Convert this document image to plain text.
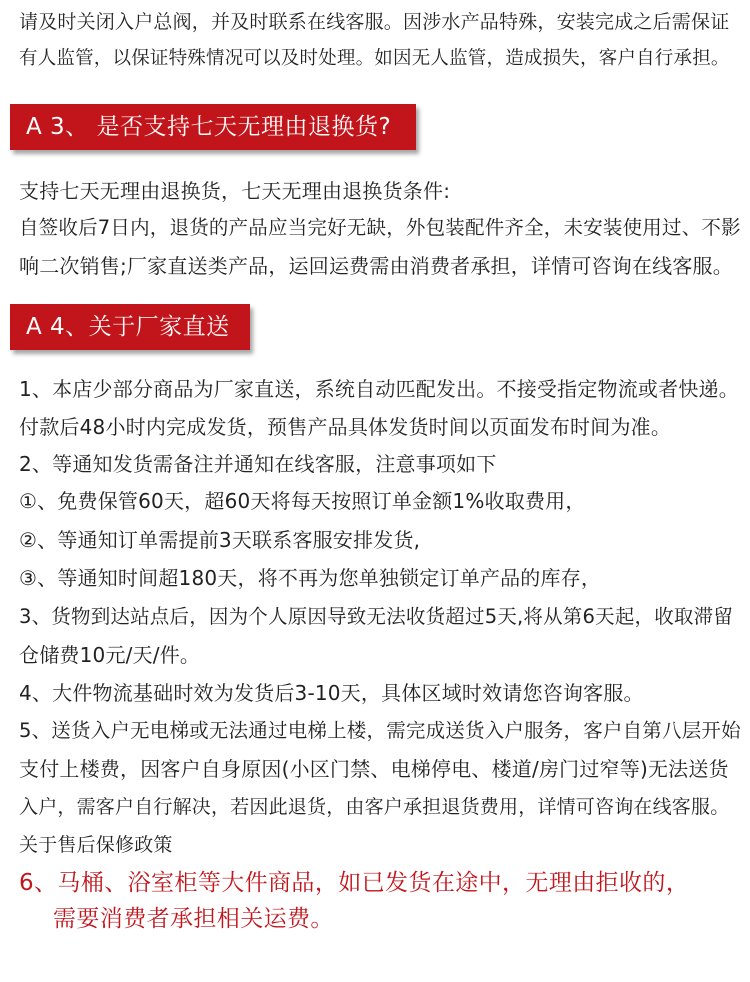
请及时关闭入户总阀，并及时联系在线客服。因涉水产品特殊，安装完成之后需保证
有人监管，以保证特殊情况可以及时处理。如因无人监管，造成损失，客户自行承担。
A 3、 是否支持七天无理由退换货?
支持七天无理由退换货，七天无理由退换货条件:
自签收后7日内，退货的产品应当完好无缺，外包装配件齐全，未安装使用过、不影
响二次销售;厂家直送类产品，运回运费需由消费者承担，详情可咨询在线客服。
A 4、关于厂家直送
1、本店少部分商品为厂家直送，系统自动匹配发出。不接受指定物流或者快递。
付款后48小时内完成发货，预售产品具体发货时间以页面发布时间为准。
2、等通知发货需备注并通知在线客服，注意事项如下
①、免费保管60天，超60天将每天按照订单金额1%收取费用，
②、等通知订单需提前3天联系客服安排发货,
③、等通知时间超180天，将不再为您单独锁定订单产品的库存，
3、货物到达站点后，因为个人原因导致无法收货超过5天,将从第6天起，收取滞留
仓储费10元/天/件。
4、大件物流基础时效为发货后3-10天，具体区域时效请您咨询客服。
5、送货入户无电梯或无法通过电梯上楼，需完成送货入户服务，客户自第八层开始
支付上楼费，因客户自身原因(小区门禁、电梯停电、楼道/房门过窄等)无法送货
入户，需客户自行解决，若因此退货，由客户承担退货费用，详情可咨询在线客服。
关于售后保修政策
6、马桶、浴室柜等大件商品，如已发货在途中，无理由拒收的，
需要消费者承担相关运费。
